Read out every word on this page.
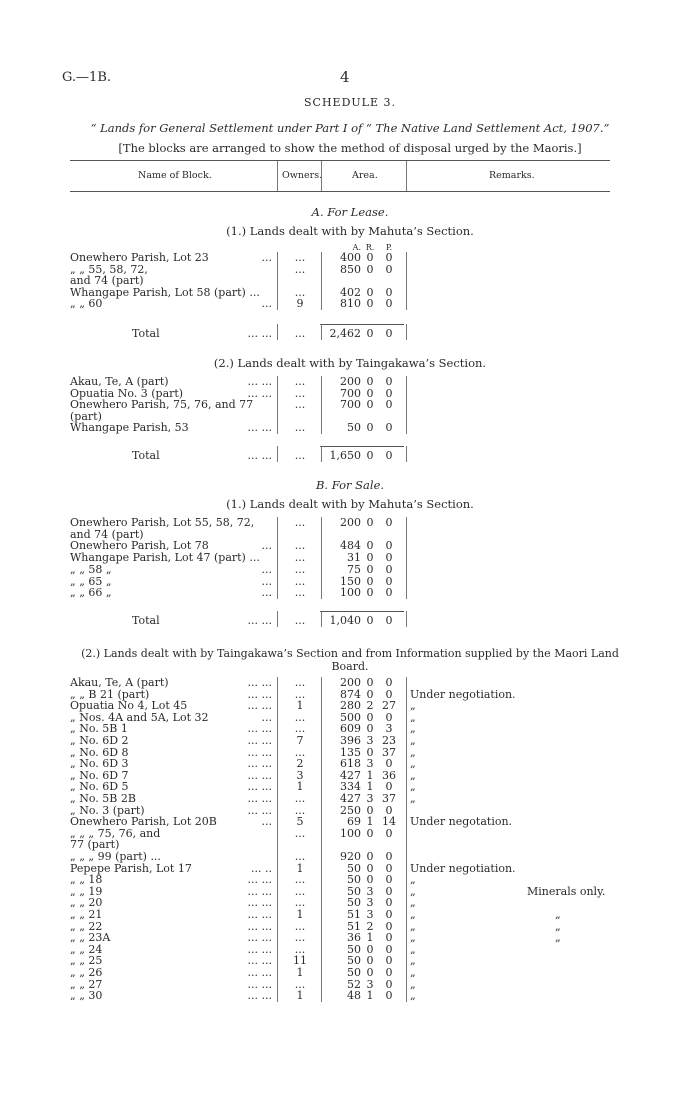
G.—1B.	4
SCHEDULE 3.
“ Lands for General Settlement under Part I of “ The Native Land Settlement Act, 1907.”
[The blocks are arranged to show the method of disposal urged by the Maoris.]
Name of Block.	Owners.	Area.	Remarks.
A. For Lease.
(1.) Lands dealt with by Mahuta’s Section.
A. R.	P.
Onewhero Parish, Lot 23	...	...	400 0	0
„ „ 55, 58, 72,	...	850 0	0
and 74 (part)
Whangape Parish, Lot 58 (part) ...	...	402 0	0
„ „ 60	...	9	810 0	0
Total	... ...	...	2,462 0	0
(2.) Lands dealt with by Taingakawa’s Section.
Akau, Te, A (part)	... ...	...	200 0	0
Opuatia No. 3 (part)	... ...	...	700 0	0
Onewhero Parish, 75, 76, and 77	...	700 0	0
(part)
Whangape Parish, 53	... ...	...	50 0	0
Total	... ...	...	1,650 0	0
B. For Sale.
(1.) Lands dealt with by Mahuta’s Section.
Onewhero Parish, Lot 55, 58, 72,	...	200 0	0
and 74 (part)
Onewhero Parish, Lot 78	...	...	484 0	0
Whangape Parish, Lot 47 (part) ...	...	31 0	0
„ „ 58 „	...	...	75 0	0
„ „ 65 „	...	...	150 0	0
„ „ 66 „	...	...	100 0	0
Total	... ...	...	1,040 0	0
(2.) Lands dealt with by Taingakawa’s Section and from Information supplied by the Maori Land
Board.
Akau, Te, A (part)	... ...	...	200 0	0
„ „ B 21 (part)	... ...	...	874 0	0	Under negotiation.
Opuatia No 4, Lot 45	... ...	1	280 2 27 „
„ Nos. 4A and 5A, Lot 32	...	...	500 0	0	„
„ No. 5B 1	... ...	...	609 0	3	„
„ No. 6D 2	... ...	7	396 3 23 „
„ No. 6D 8	... ...	...	135 0 37 „
„ No. 6D 3	... ...	2	618 3	0	„
„ No. 6D 7	... ...	3	427 1 36 „
„ No. 6D 5	... ...	1	334 1	0	„
„ No. 5B 2B	... ...	...	427 3 37 „
„ No. 3 (part)	... ...	...	250 0	0
Onewhero Parish, Lot 20B	...	5	69 1 14 Under negotation.
„ „ „ 75, 76, and	...	100 0	0
77 (part)
„ „ „ 99 (part) ...	...	920 0	0
Pepepe Parish, Lot 17	... ..	1	50 0	0	Under negotiation.
„ „ 18	... ...	...	50 0	0	„
„ „ 19	... ...	...	50 3	0	„	Minerals only.
„ „ 20	... ...	...	50 3	0	„
„ „ 21	... ...	1	51 3	0	„	„
„ „ 22	... ...	...	51 2	0	„	„
„ „ 23A	... ...	...	36 1	0	„	„
„ „ 24	... ...	...	50 0	0	„
„ „ 25	... ...	11	50 0	0	„
„ „ 26	... ...	1	50 0	0	„
„ „ 27	... ...	...	52 3	0	„
„ „ 30	... ...	1	48 1	0	„
